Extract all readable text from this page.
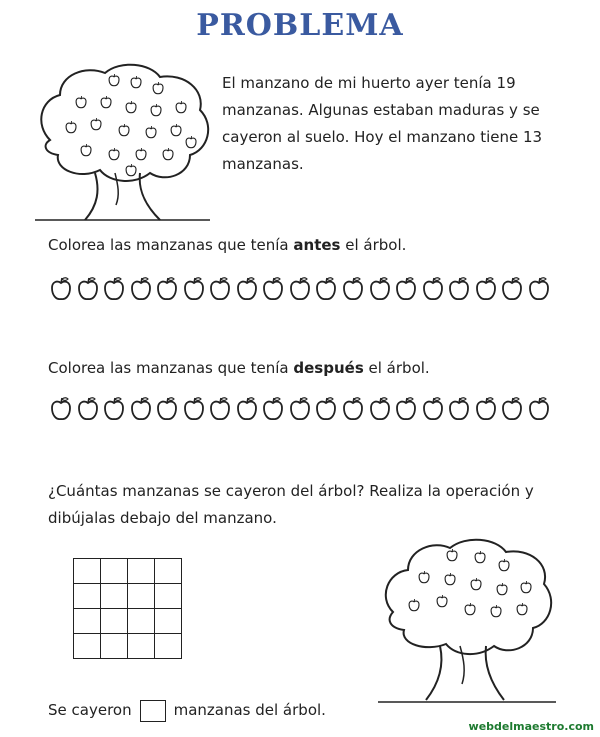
PROBLEMA
El manzano de mi huerto ayer tenía 19 manzanas. Algunas estaban maduras y se cayeron al suelo. Hoy el manzano tiene 13 manzanas.
Colorea las manzanas que tenía antes el árbol.
Colorea las manzanas que tenía después el árbol.
¿Cuántas manzanas se cayeron del árbol? Realiza la operación y dibújalas debajo del manzano.
Se cayeron	manzanas del árbol.
webdelmaestro.com
